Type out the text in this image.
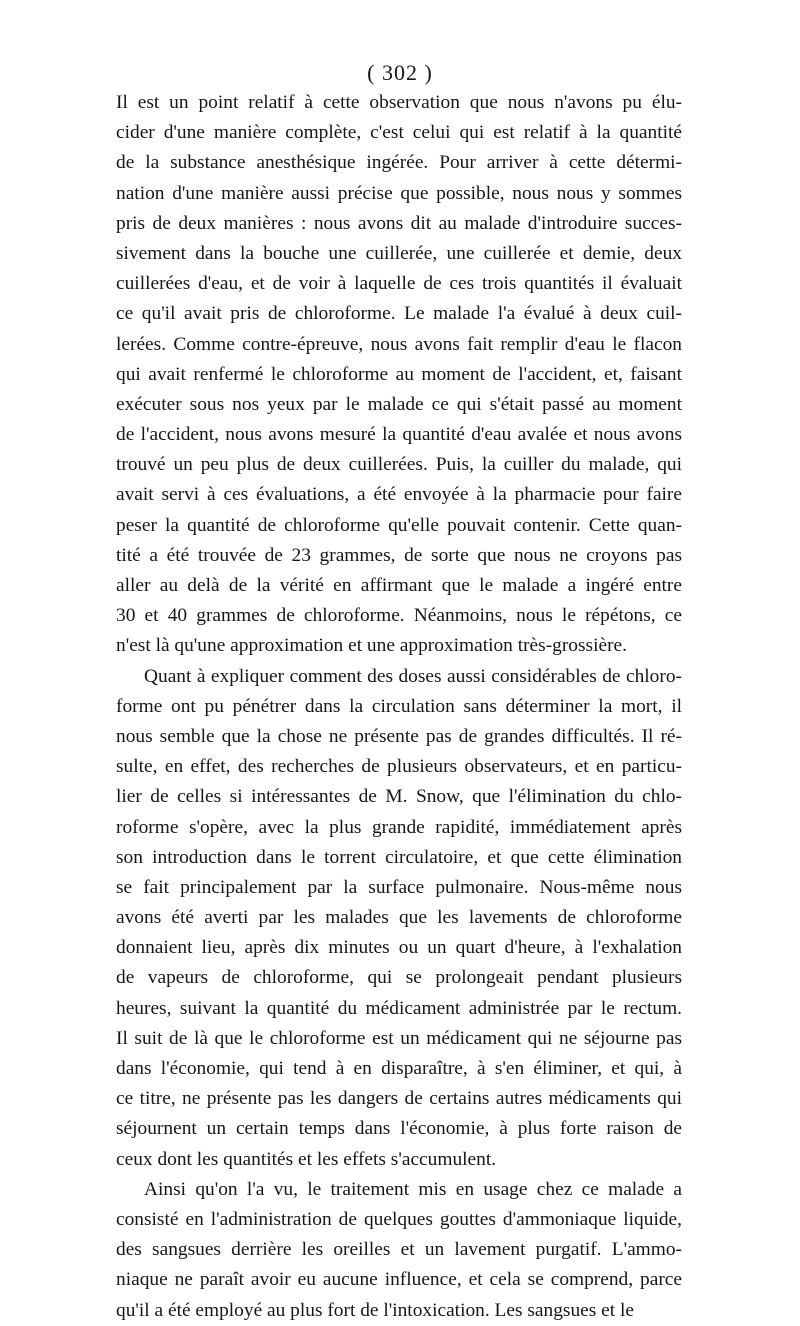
( 302 )
Il est un point relatif à cette observation que nous n'avons pu élu-
cider d'une manière complète, c'est celui qui est relatif à la quantité
de la substance anesthésique ingérée. Pour arriver à cette détermi-
nation d'une manière aussi précise que possible, nous nous y sommes
pris de deux manières : nous avons dit au malade d'introduire succes-
sivement dans la bouche une cuillerée, une cuillerée et demie, deux
cuillerées d'eau, et de voir à laquelle de ces trois quantités il évaluait
ce qu'il avait pris de chloroforme. Le malade l'a évalué à deux cuil-
lerées. Comme contre-épreuve, nous avons fait remplir d'eau le flacon
qui avait renfermé le chloroforme au moment de l'accident, et, faisant
exécuter sous nos yeux par le malade ce qui s'était passé au moment
de l'accident, nous avons mesuré la quantité d'eau avalée et nous avons
trouvé un peu plus de deux cuillerées. Puis, la cuiller du malade, qui
avait servi à ces évaluations, a été envoyée à la pharmacie pour faire
peser la quantité de chloroforme qu'elle pouvait contenir. Cette quan-
tité a été trouvée de 23 grammes, de sorte que nous ne croyons pas
aller au delà de la vérité en affirmant que le malade a ingéré entre
30 et 40 grammes de chloroforme. Néanmoins, nous le répétons, ce
n'est là qu'une approximation et une approximation très-grossière.
Quant à expliquer comment des doses aussi considérables de chloro-
forme ont pu pénétrer dans la circulation sans déterminer la mort, il
nous semble que la chose ne présente pas de grandes difficultés. Il ré-
sulte, en effet, des recherches de plusieurs observateurs, et en particu-
lier de celles si intéressantes de M. Snow, que l'élimination du chlo-
roforme s'opère, avec la plus grande rapidité, immédiatement après
son introduction dans le torrent circulatoire, et que cette élimination
se fait principalement par la surface pulmonaire. Nous-même nous
avons été averti par les malades que les lavements de chloroforme
donnaient lieu, après dix minutes ou un quart d'heure, à l'exhalation
de vapeurs de chloroforme, qui se prolongeait pendant plusieurs
heures, suivant la quantité du médicament administrée par le rectum.
Il suit de là que le chloroforme est un médicament qui ne séjourne pas
dans l'économie, qui tend à en disparaître, à s'en éliminer, et qui, à
ce titre, ne présente pas les dangers de certains autres médicaments qui
séjournent un certain temps dans l'économie, à plus forte raison de
ceux dont les quantités et les effets s'accumulent.
Ainsi qu'on l'a vu, le traitement mis en usage chez ce malade a
consisté en l'administration de quelques gouttes d'ammoniaque liquide,
des sangsues derrière les oreilles et un lavement purgatif. L'ammo-
niaque ne paraît avoir eu aucune influence, et cela se comprend, parce
qu'il a été employé au plus fort de l'intoxication. Les sangsues et le
